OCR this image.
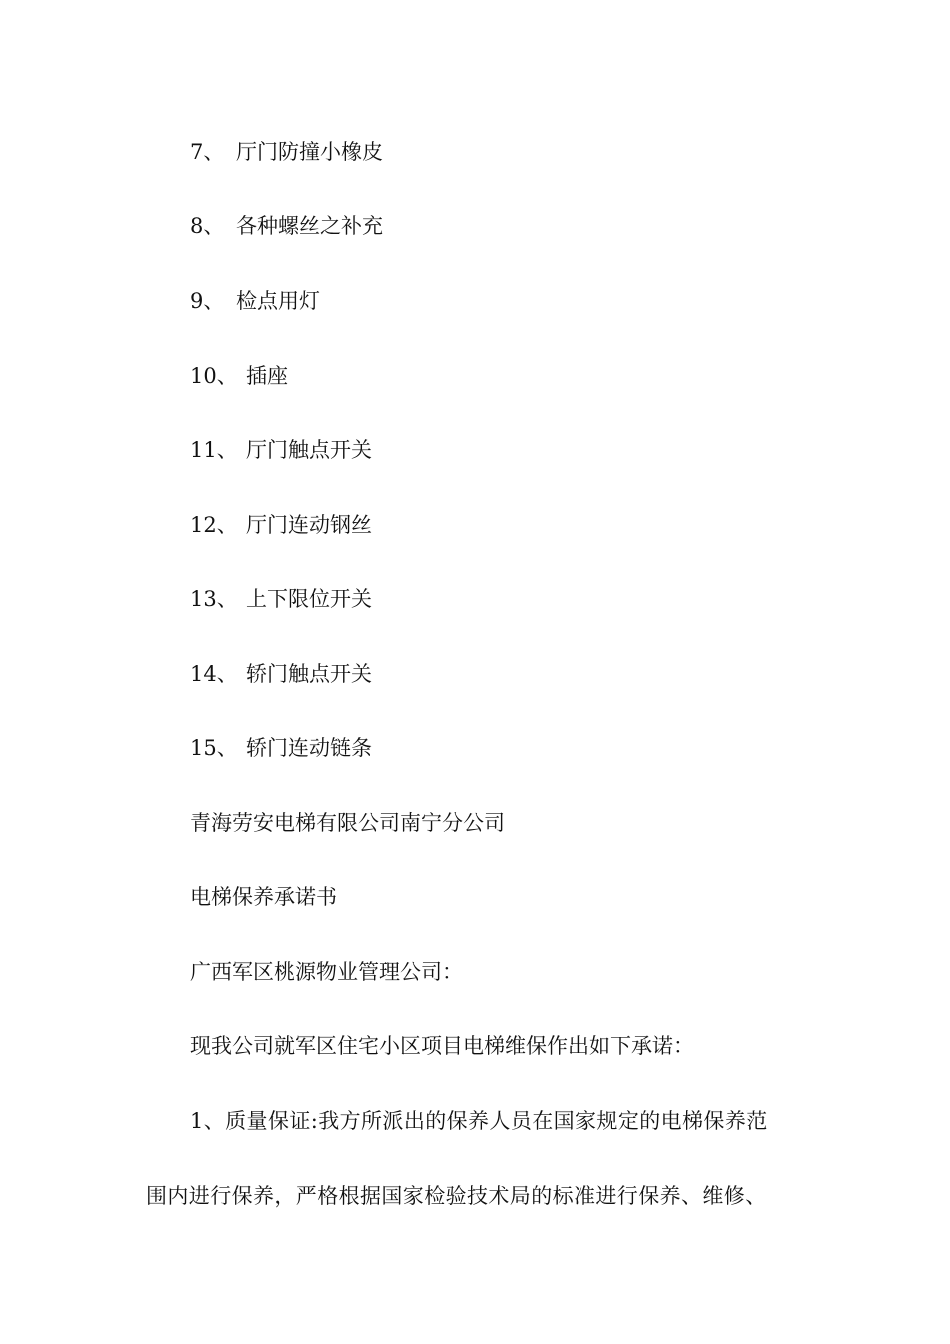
7、 厅门防撞小橡皮
8、 各种螺丝之补充
9、 检点用灯
10、 插座
11、 厅门触点开关
12、 厅门连动钢丝
13、 上下限位开关
14、 轿门触点开关
15、 轿门连动链条
青海劳安电梯有限公司南宁分公司
电梯保养承诺书
广西军区桃源物业管理公司：
现我公司就军区住宅小区项目电梯维保作出如下承诺：
1、质量保证:我方所派出的保养人员在国家规定的电梯保养范
围内进行保养，严格根据国家检验技术局的标准进行保养、维修、
